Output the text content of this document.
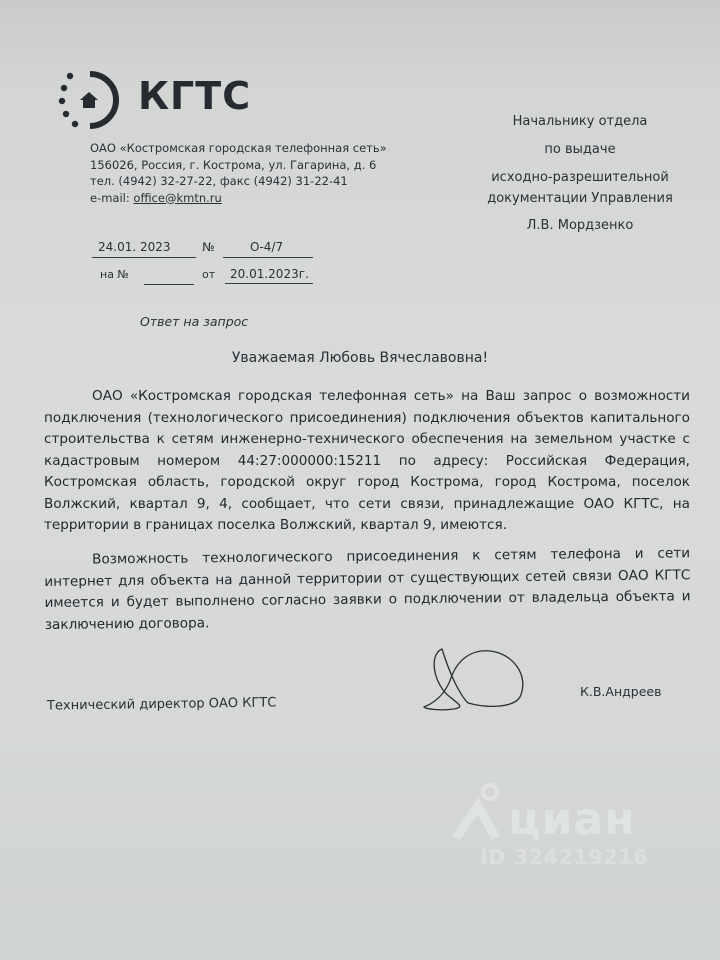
КГТС
ОАО «Костромская городская телефонная сеть»
156026, Россия, г. Кострома, ул. Гагарина, д. 6
тел. (4942) 32-27-22, факс (4942) 31-22-41
e-mail: office@kmtn.ru
Начальнику отдела
по выдаче
исходно-разрешительной
документации Управления
Л.В. Мордзенко
24.01. 2023	№	О-4/7
на №	от 20.01.2023г.
Ответ на запрос
Уважаемая Любовь Вячеславовна!
ОАО «Костромская городская телефонная сеть» на Ваш запрос о возможности подключения (технологического присоединения) подключения объектов капитального строительства к сетям инженерно-технического обеспечения на земельном участке с кадастровым номером 44:27:000000:15211 по адресу: Российская Федерация, Костромская область, городской округ город Кострома, город Кострома, поселок Волжский, квартал 9, 4, сообщает, что сети связи, принадлежащие ОАО КГТС, на территории в границах поселка Волжский, квартал 9, имеются.
Возможность технологического присоединения к сетям телефона и сети интернет для объекта на данной территории от существующих сетей связи ОАО КГТС имеется и будет выполнено согласно заявки о подключении от владельца объекта и заключению договора.
Технический директор ОАО КГТС
К.В.Андреев
циан
ID 324219216
